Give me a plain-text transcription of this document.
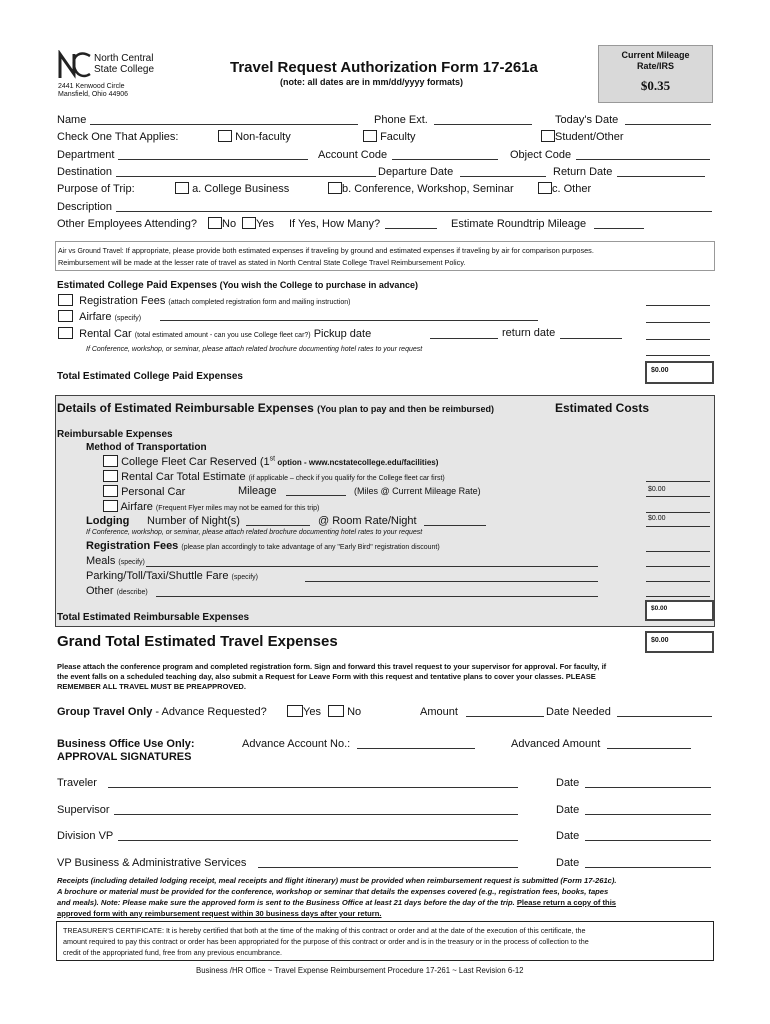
North Central
State College
2441 Kenwood Circle
Mansfield, Ohio 44906
Travel Request Authorization Form 17-261a
(note: all dates are in mm/dd/yyyy formats)
Current Mileage
Rate/IRS
$0.35
Name	Phone Ext.	Today's Date
Check One That Applies:	Non-faculty	Faculty	Student/Other
Department	Account Code	Object Code
Destination	Departure Date	Return Date
Purpose of Trip:	a. College Business	b. Conference, Workshop, Seminar	c. Other
Description
Other Employees Attending?	No	Yes If Yes, How Many?	Estimate Roundtrip Mileage
Air vs Ground Travel: If appropriate, please provide both estimated expenses if traveling by ground and estimated expenses if traveling by air for comparison purposes.
Reimbursement will be made at the lesser rate of travel as stated in North Central State College Travel Reimbursement Policy.
Estimated College Paid Expenses (You wish the College to purchase in advance)
Registration Fees (attach completed registration form and mailing instruction)
Airfare (specify)
Rental Car (total estimated amount - can you use College fleet car?) Pickup date	return date
If Conference, workshop, or seminar, please attach related brochure documenting hotel rates to your request
Total Estimated College Paid Expenses
$0.00
Details of Estimated Reimbursable Expenses (You plan to pay and then be reimbursed)	Estimated Costs
Reimbursable Expenses
Method of Transportation
College Fleet Car Reserved (1st option - www.ncstatecollege.edu/facilities)
Rental Car Total Estimate (if applicable – check if you qualify for the College fleet car first)
Personal Car	Mileage	(Miles @ Current Mileage Rate)	$0.00
Airfare (Frequent Flyer miles may not be earned for this trip)
Lodging Number of Night(s)	@ Room Rate/Night	$0.00
If Conference, workshop, or seminar, please attach related brochure documenting hotel rates to your request
Registration Fees (please plan accordingly to take advantage of any "Early Bird" registration discount)
Meals (specify)
Parking/Toll/Taxi/Shuttle Fare (specify)
Other (describe)
Total Estimated Reimbursable Expenses
$0.00
Grand Total Estimated Travel Expenses	$0.00
Please attach the conference program and completed registration form. Sign and forward this travel request to your supervisor for approval. For faculty, if
the event falls on a scheduled teaching day, also submit a Request for Leave Form with this request and tentative plans to cover your classes. PLEASE
REMEMBER ALL TRAVEL MUST BE PREAPPROVED.
Group Travel Only - Advance Requested?	Yes	No	Amount	Date Needed
Business Office Use Only:
APPROVAL SIGNATURES
Advance Account No.:	Advanced Amount
Traveler	Date
Supervisor	Date
Division VP	Date
VP Business & Administrative Services	Date
Receipts (including detailed lodging receipt, meal receipts and flight itinerary) must be provided when reimbursement request is submitted (Form 17-261c).
A brochure or material must be provided for the conference, workshop or seminar that details the expenses covered (e.g., registration fees, books, tapes
and meals). Note: Please make sure the approved form is sent to the Business Office at least 21 days before the day of the trip. Please return a copy of this
approved form with any reimbursement request within 30 business days after your return.
TREASURER'S CERTIFICATE: It is hereby certified that both at the time of the making of this contract or order and at the date of the execution of this certificate, the
amount required to pay this contract or order has been appropriated for the purpose of this contract or order and is in the treasury or in the process of collection to the
credit of the appropriated fund, free from any previous encumbrance.
Business /HR Office ~ Travel Expense Reimbursement Procedure 17-261 ~ Last Revision 6-12
